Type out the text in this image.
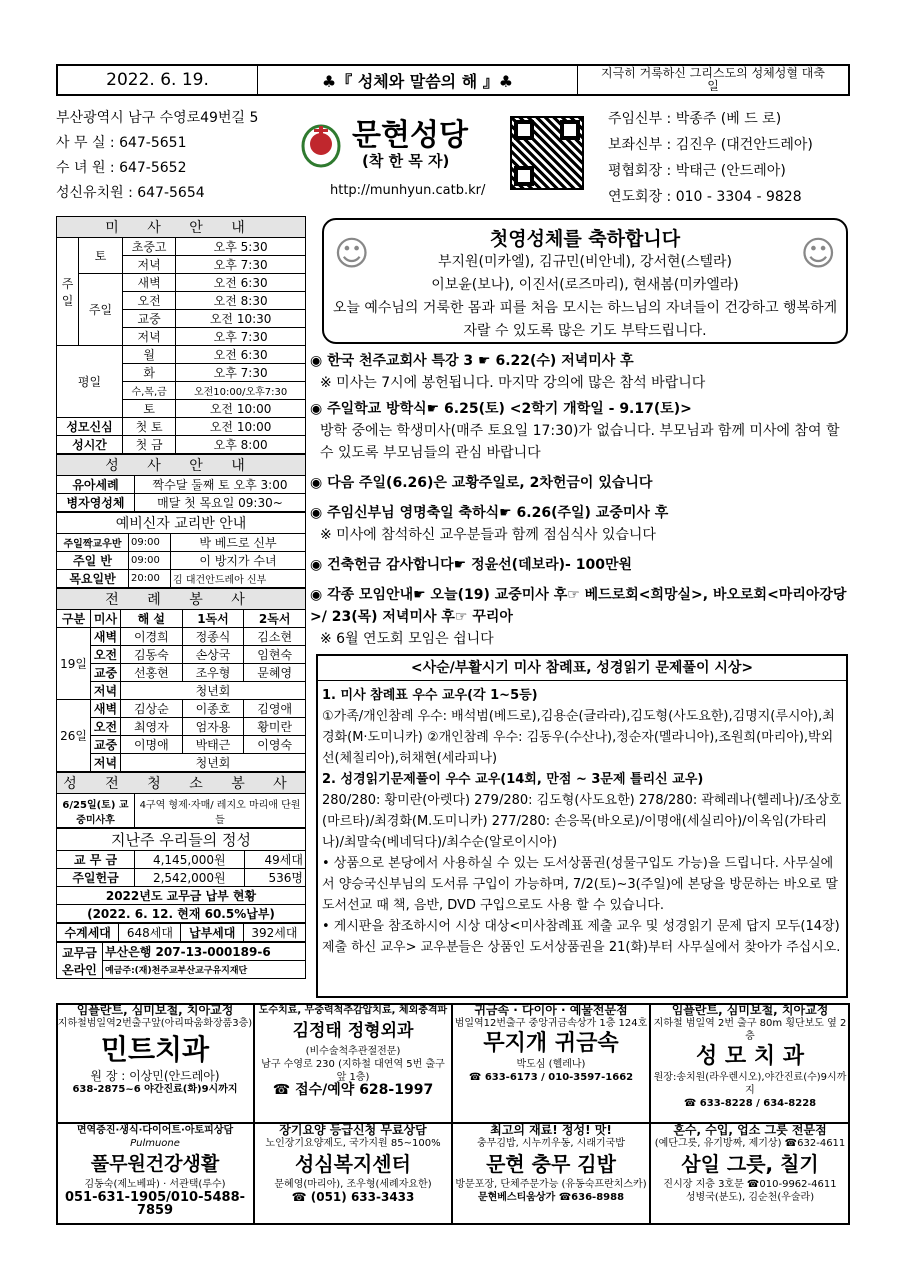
2022. 6. 19.	♣『 성체와 말씀의 해 』♣	지극히 거룩하신 그리스도의 성체성혈 대축일
부산광역시 남구 수영로49번길 5
사 무 실 : 647-5651
수 녀 원 : 647-5652
성신유치원 : 647-5654
문현성당
(착 한 목 자)
http://munhyun.catb.kr/
주임신부 : 박종주 (베 드 로)
보좌신부 : 김진우 (대건안드레아)
평협회장 : 박태근 (안드레아)
연도회장 : 010 - 3304 - 9828
미 사 안 내			
주일	토	초중고	오후 5:30
		저녁	오후 7:30
	주일	새벽	오전 6:30
		오전	오전 8:30
		교중	오전 10:30
		저녁	오후 7:30
평일		월	오전 6:30
		화	오후 7:30
		수,목,금	오전10:00/오후7:30
		토	오전 10:00
성모신심		첫 토	오전 10:00
성시간		첫 금	오후 8:00
성 사 안 내	
유아세례	짝수달 둘째 토 오후 3:00
병자영성체	매달 첫 목요일 09:30~
예비신자 교리반 안내		
주일짝교우반	09:00	박 베드로 신부
주일 반	09:00	이 방지가 수녀
목요일반	20:00	김 대건안드레아 신부
전 례 봉 사				
구분	미사	해 설	1독서	2독서
19일	새벽	이경희	정종식	김소현
	오전	김동숙	손상국	임현숙
	교중	선홍현	조우형	문혜영
	저녁	청년회		
26일	새벽	김상순	이종호	김영애
	오전	최영자	엄자용	황미란
	교중	이명애	박태근	이영숙
	저녁	청년회		
성 전 청 소 봉 사
6/25일(토) 교중미사후	4구역 형제·자매/ 레지오 마리애 단원들
지난주 우리들의 정성		
교 무 금	4,145,000원	49세대
주일헌금	2,542,000원	536명
2022년도 교무금 납부 현황		
(2022. 6. 12. 현재 60.5%납부)		
수계세대	648세대	납부세대	392세대
교무금 온라인	부산은행 207-13-000189-6
예금주:(재)천주교부산교구유지재단
☺	☺
첫영성체를 축하합니다
부지원(미카엘), 김규민(비안네), 강서현(스텔라)
이보윤(보나), 이진서(로즈마리), 현새봄(미카엘라)
오늘 예수님의 거룩한 몸과 피를 처음 모시는 하느님의 자녀들이 건강하고 행복하게 자랄 수 있도록 많은 기도 부탁드립니다.

◉ 한국 천주교회사 특강 3 ☛ 6.22(수) 저녁미사 후

※ 미사는 7시에 봉헌됩니다. 마지막 강의에 많은 참석 바랍니다

◉ 주일학교 방학식☛ 6.25(토) <2학기 개학일 - 9.17(토)>

방학 중에는 학생미사(매주 토요일 17:30)가 없습니다. 부모님과 함께 미사에 참여 할 수 있도록 부모님들의 관심 바랍니다

◉ 다음 주일(6.26)은 교황주일로, 2차헌금이 있습니다

◉ 주임신부님 영명축일 축하식☛ 6.26(주일) 교중미사 후

※ 미사에 참석하신 교우분들과 함께 점심식사 있습니다

◉ 건축헌금 감사합니다☛ 정윤선(데보라)- 100만원

◉ 각종 모임안내☛ 오늘(19) 교중미사 후☞ 베드로회<희망실>, 바오로회<마리아강당>/ 23(목) 저녁미사 후☞ 꾸리아

※ 6월 연도회 모임은 쉽니다

<사순/부활시기 미사 참례표, 성경읽기 문제풀이 시상>
1. 미사 참례표 우수 교우(각 1~5등)
①가족/개인참례 우수: 배석범(베드로),김용순(글라라),김도형(사도요한),김명지(루시아),최경화(M·도미니카) ②개인참례 우수: 김동우(수산나),정순자(멜라니아),조원희(마리아),박외선(체칠리아),허채현(세라피나)
2. 성경읽기문제풀이 우수 교우(14회, 만점 ~ 3문제 틀리신 교우)
280/280: 황미란(아렛다) 279/280: 김도형(사도요한) 278/280: 곽혜레나(헬레나)/조상호(마르타)/최경화(M.도미니카) 277/280: 손응목(바오로)/이명애(세실리아)/이옥임(가타리나)/최말숙(베네딕다)/최수순(알로이시아)
• 상품으로 본당에서 사용하실 수 있는 도서상품권(성물구입도 가능)을 드립니다. 사무실에서 양승국신부님의 도서류 구입이 가능하며, 7/2(토)~3(주일)에 본당을 방문하는 바오로 딸 도서선교 때 책, 음반, DVD 구입으로도 사용 할 수 있습니다.
• 게시판을 참조하시어 시상 대상<미사참례표 제출 교우 및 성경읽기 문제 답지 모두(14장) 제출 하신 교우> 교우분들은 상품인 도서상품권을 21(화)부터 사무실에서 찾아가 주십시오.
임플란트, 심미보철, 치아교정
지하철범일역2번출구앞(아리따움화장품3층)
민트치과
원 장 : 이상민(안드레아)
638-2875~6 야간진료(화)9시까지
도수치료, 무중력척추감압치료, 체외충격파
김정태 정형외과
(비수술척추관절전문)
남구 수영로 230 (지하철 대연역 5번 출구 앞 1층)
☎ 접수/예약 628-1997
귀금속 · 다이아 · 예물전문점
범일역12번출구 중앙귀금속상가 1층 124호
무지개 귀금속
박도심 (헬레나)
☎ 633-6173 / 010-3597-1662
임플란트, 심미보철, 치아교정
지하철 범일역 2번 출구 80m 횡단보도 옆 2층
성 모 치 과
원장:송치원(라우렌시오),야간진료(수)9시까지
☎ 633-8228 / 634-8228
면역증진·생식·다이어트·아토피상담
Pulmuone
풀무원건강생활
김동숙(제노베파) · 서관택(루수)
051-631-1905/010-5488-7859
장기요양 등급신청 무료상담
노인장기요양제도, 국가지원 85~100%
성심복지센터
문혜영(마리아), 조우형(세례자요한)
☎ (051) 633-3433
최고의 재료! 정성! 맛!
충무김밥, 시누끼우동, 시래기국밥
문현 충무 김밥
방문포장, 단체주문가능 (유동숙프란치스카)
문현베스티움상가 ☎636-8988
혼수, 수입, 업소 그릇 전문점
(예단그릇, 유기방짜, 제기상) ☎632-4611
삼일 그릇, 칠기
진시장 지층 3호문 ☎010-9962-4611
성병국(분도), 김순천(우술라)
